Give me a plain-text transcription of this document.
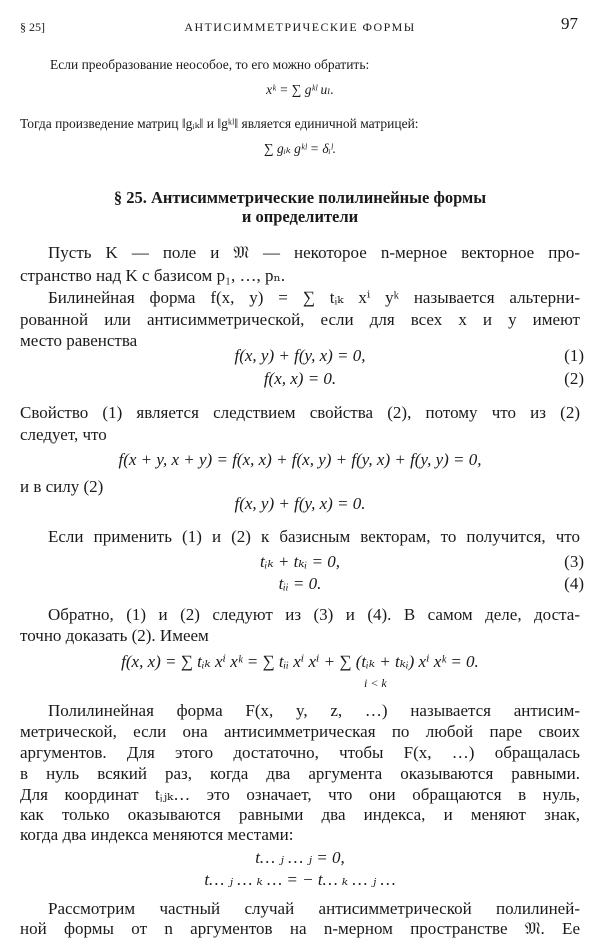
§ 25]	АНТИСИММЕТРИЧЕСКИЕ ФОРМЫ	97
Если преобразование неособое, то его можно обратить:
xᵏ = ∑ gᵏˡ uₗ.
Тогда произведение матриц ‖gᵢₖ‖ и ‖gᵏˡ‖ является единичной матрицей:
∑ gᵢₖ gᵏˡ = δᵢˡ.
§ 25. Антисимметрические полилинейные формы
и определители
Пусть K — поле и 𝔐 — некоторое n-мерное векторное про-
странство над K с базисом p₁, …, pₙ.
Билинейная форма f(x, y) = ∑ tᵢₖ xⁱ yᵏ называется альтерни-
рованной или антисимметрической, если для всех x и y имеют
место равенства
f(x, y) + f(y, x) = 0,	(1)
f(x, x) = 0.	(2)
Свойство (1) является следствием свойства (2), потому что из (2)
следует, что
f(x + y, x + y) = f(x, x) + f(x, y) + f(y, x) + f(y, y) = 0,
и в силу (2)
f(x, y) + f(y, x) = 0.
Если применить (1) и (2) к базисным векторам, то получится, что
tᵢₖ + tₖᵢ = 0,	(3)
tᵢᵢ = 0.	(4)
Обратно, (1) и (2) следуют из (3) и (4). В самом деле, доста-
точно доказать (2). Имеем
f(x, x) = ∑ tᵢₖ xⁱ xᵏ = ∑ tᵢᵢ xⁱ xⁱ + ∑ (tᵢₖ + tₖᵢ) xⁱ xᵏ = 0.
i < k
Полилинейная форма F(x, y, z, …) называется антисим-
метрической, если она антисимметрическая по любой паре своих
аргументов. Для этого достаточно, чтобы F(x, …) обращалась
в нуль всякий раз, когда два аргумента оказываются равными.
Для координат tᵢⱼₖ… это означает, что они обращаются в нуль,
как только оказываются равными два индекса, и меняют знак,
когда два индекса меняются местами:
t… ⱼ … ⱼ = 0,
t… ⱼ … ₖ … = − t… ₖ … ⱼ …
Рассмотрим частный случай антисимметрической полилиней-
ной формы от n аргументов на n-мерном пространстве 𝔐. Ее
